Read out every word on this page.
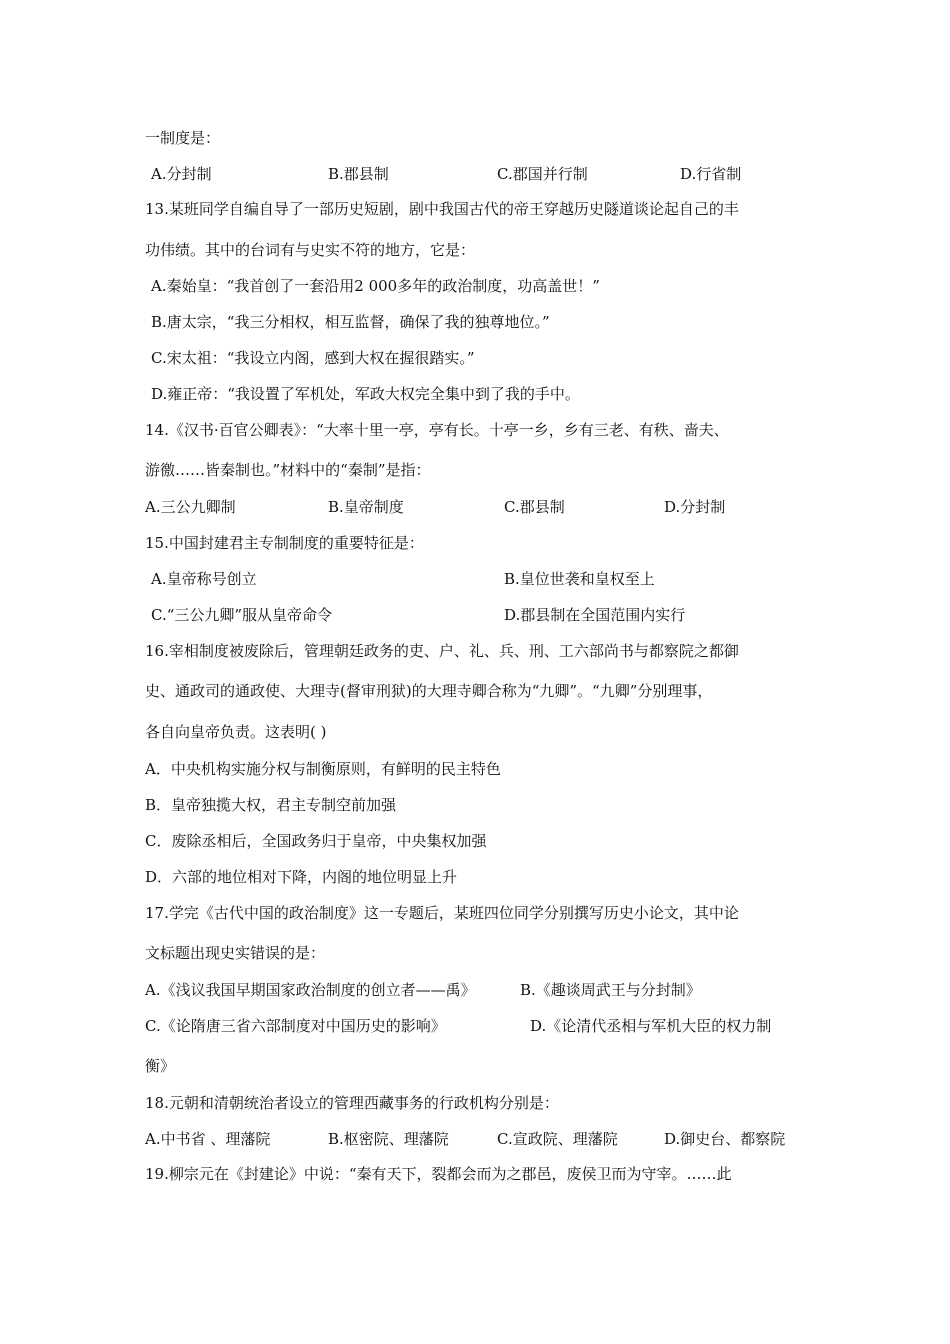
一制度是：
A.分封制	B.郡县制	C.郡国并行制	D.行省制
13.某班同学自编自导了一部历史短剧，剧中我国古代的帝王穿越历史隧道谈论起自己的丰
功伟绩。其中的台词有与史实不符的地方，它是：
A.秦始皇：“我首创了一套沿用2 000多年的政治制度，功高盖世！”
B.唐太宗，“我三分相权，相互监督，确保了我的独尊地位。”
C.宋太祖：“我设立内阁，感到大权在握很踏实。”
D.雍正帝：“我设置了军机处，军政大权完全集中到了我的手中。
14.《汉书·百官公卿表》：“大率十里一亭，亭有长。十亭一乡，乡有三老、有秩、啬夫、
游徼……皆秦制也。”材料中的“秦制”是指：
A.三公九卿制	B.皇帝制度	C.郡县制	D.分封制
15.中国封建君主专制制度的重要特征是：
A.皇帝称号创立	B.皇位世袭和皇权至上
C.“三公九卿”服从皇帝命令	D.郡县制在全国范围内实行
16.宰相制度被废除后，管理朝廷政务的吏、户、礼、兵、刑、工六部尚书与都察院之都御
史、通政司的通政使、大理寺(督审刑狱)的大理寺卿合称为“九卿”。“九卿”分别理事，
各自向皇帝负责。这表明( )
A．中央机构实施分权与制衡原则，有鲜明的民主特色
B．皇帝独揽大权，君主专制空前加强
C．废除丞相后，全国政务归于皇帝，中央集权加强
D．六部的地位相对下降，内阁的地位明显上升
17.学完《古代中国的政治制度》这一专题后，某班四位同学分别撰写历史小论文，其中论
文标题出现史实错误的是：
A.《浅议我国早期国家政治制度的创立者——禹》	B.《趣谈周武王与分封制》
C.《论隋唐三省六部制度对中国历史的影响》	D.《论清代丞相与军机大臣的权力制
衡》
18.元朝和清朝统治者设立的管理西藏事务的行政机构分别是：
A.中书省 、理藩院	B.枢密院、理藩院	C.宣政院、理藩院	D.御史台、都察院
19.柳宗元在《封建论》中说：“秦有天下，裂都会而为之郡邑，废侯卫而为守宰。……此
